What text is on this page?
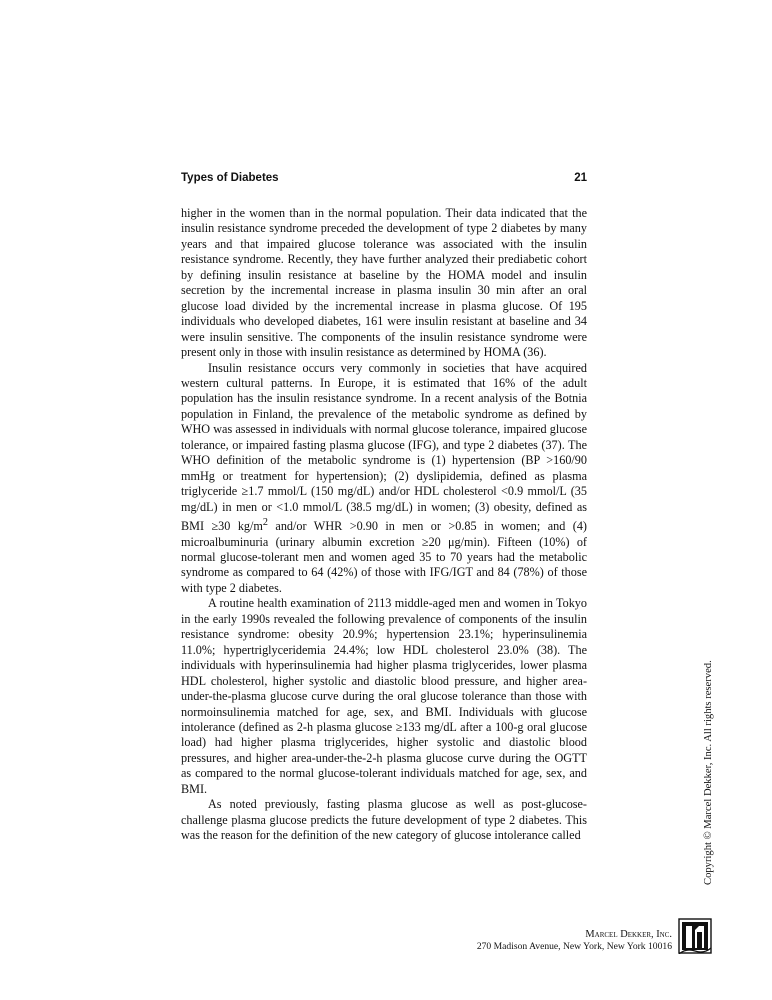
Types of Diabetes	21

higher in the women than in the normal population. Their data indicated that the insulin resistance syndrome preceded the development of type 2 diabetes by many years and that impaired glucose tolerance was associated with the insulin resistance syndrome. Recently, they have further analyzed their prediabetic cohort by defining insulin resistance at baseline by the HOMA model and insulin secretion by the incremental increase in plasma insulin 30 min after an oral glucose load divided by the incremental increase in plasma glucose. Of 195 individuals who developed diabetes, 161 were insulin resistant at baseline and 34 were insulin sensitive. The components of the insulin resistance syndrome were present only in those with insulin resistance as determined by HOMA (36).

Insulin resistance occurs very commonly in societies that have acquired western cultural patterns. In Europe, it is estimated that 16% of the adult population has the insulin resistance syndrome. In a recent analysis of the Botnia population in Finland, the prevalence of the metabolic syndrome as defined by WHO was assessed in individuals with normal glucose tolerance, impaired glucose tolerance, or impaired fasting plasma glucose (IFG), and type 2 diabetes (37). The WHO definition of the metabolic syndrome is (1) hypertension (BP >160/90 mmHg or treatment for hypertension); (2) dyslipidemia, defined as plasma triglyceride ≥1.7 mmol/L (150 mg/dL) and/or HDL cholesterol <0.9 mmol/L (35 mg/dL) in men or <1.0 mmol/L (38.5 mg/dL) in women; (3) obesity, defined as BMI ≥30 $kg/m^2$ and/or WHR >0.90 in men or >0.85 in women; and (4) microalbuminuria (urinary albumin excretion ≥20 μg/min). Fifteen (10%) of normal glucose-tolerant men and women aged 35 to 70 years had the metabolic syndrome as compared to 64 (42%) of those with IFG/IGT and 84 (78%) of those with type 2 diabetes.

A routine health examination of 2113 middle-aged men and women in Tokyo in the early 1990s revealed the following prevalence of components of the insulin resistance syndrome: obesity 20.9%; hypertension 23.1%; hyperinsulinemia 11.0%; hypertriglyceridemia 24.4%; low HDL cholesterol 23.0% (38). The individuals with hyperinsulinemia had higher plasma triglycerides, lower plasma HDL cholesterol, higher systolic and diastolic blood pressure, and higher area-under-the-plasma glucose curve during the oral glucose tolerance than those with normoinsulinemia matched for age, sex, and BMI. Individuals with glucose intolerance (defined as 2-h plasma glucose ≥133 mg/dL after a 100-g oral glucose load) had higher plasma triglycerides, higher systolic and diastolic blood pressures, and higher area-under-the-2-h plasma glucose curve during the OGTT as compared to the normal glucose-tolerant individuals matched for age, sex, and BMI.

As noted previously, fasting plasma glucose as well as post-glucose-challenge plasma glucose predicts the future development of type 2 diabetes. This was the reason for the definition of the new category of glucose intolerance called	Copyright © Marcel Dekker, Inc. All rights reserved.
Marcel Dekker, Inc.
270 Madison Avenue, New York, New York 10016
